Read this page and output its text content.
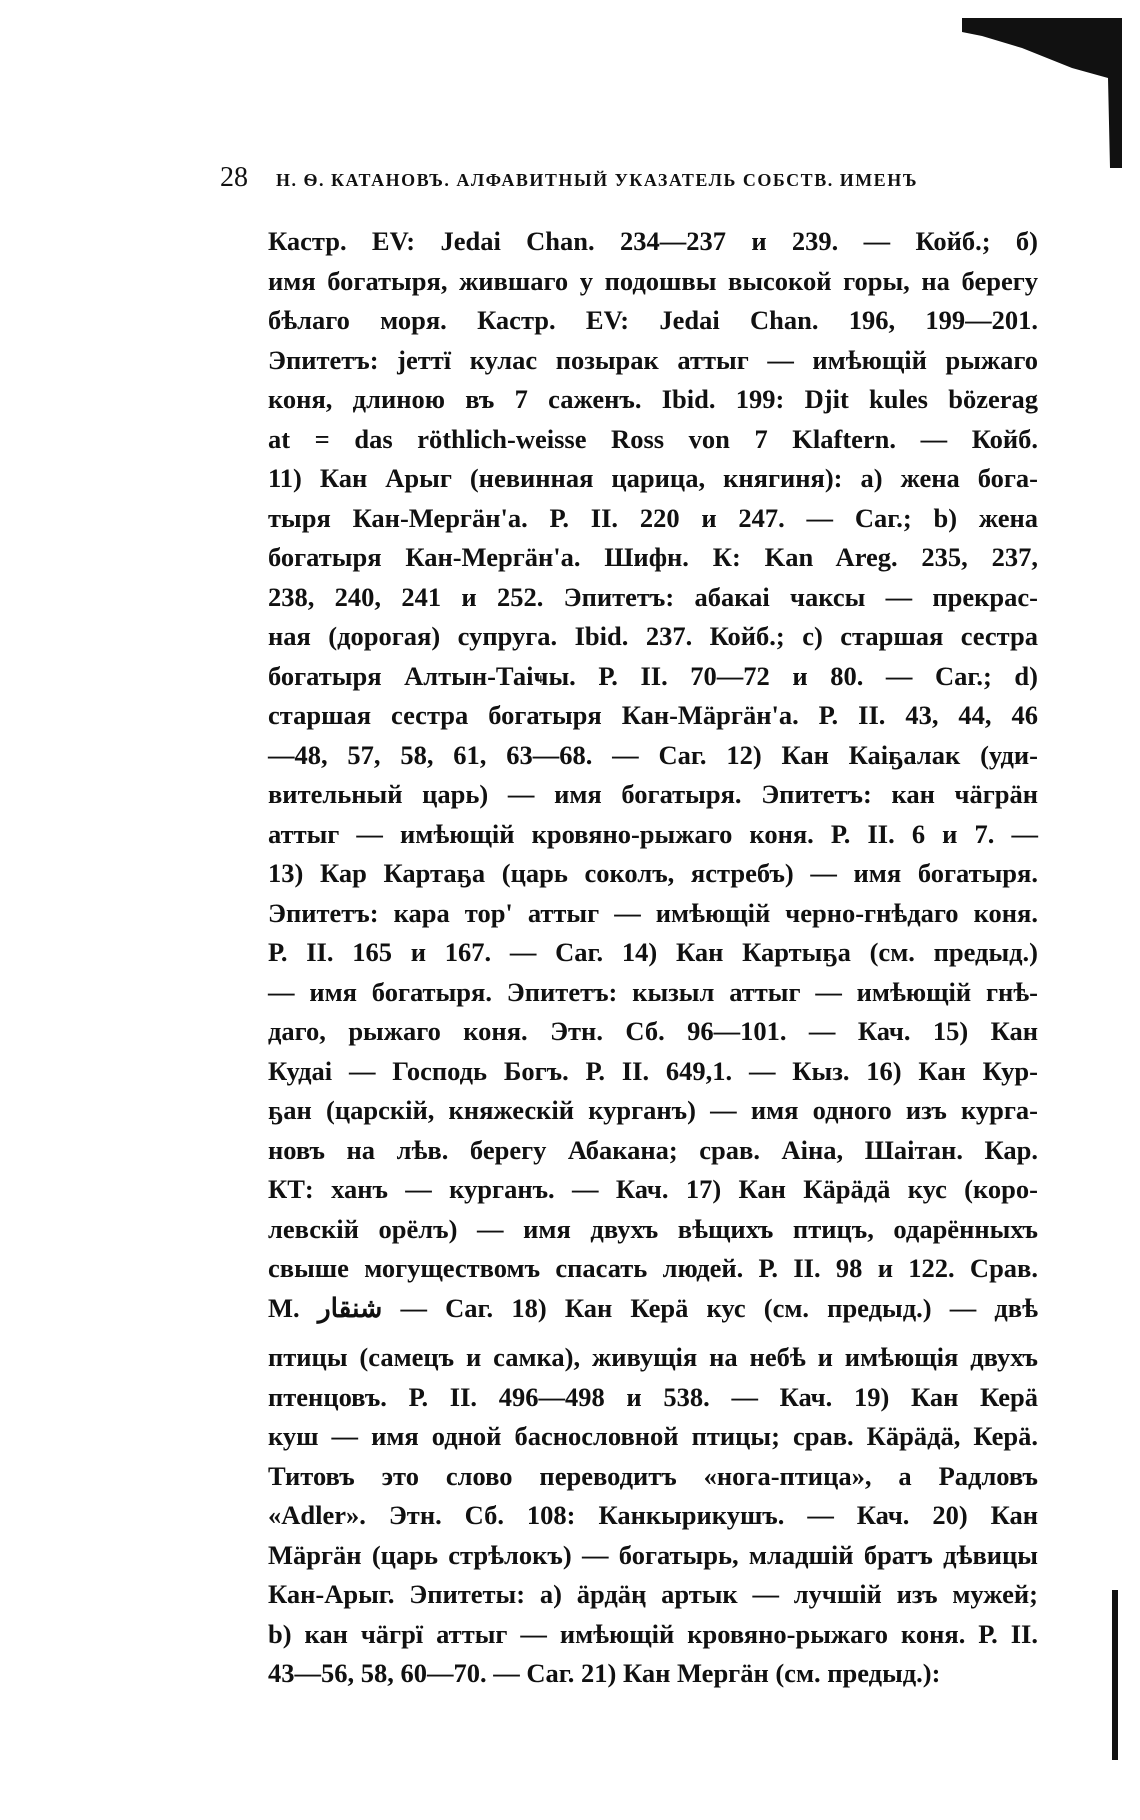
28 Н. Ѳ. КАТАНОВЪ. АЛФАВИТНЫЙ УКАЗАТЕЛЬ СОБСТВ. ИМЕНЪ
Кастр. EV: Jedai Chan. 234—237 и 239. — Койб.; б)
имя богатыря, жившаго у подошвы высокой горы, на берегу
бѣлаго моря. Кастр. EV: Jedai Chan. 196, 199—201.
Эпитетъ: јеттї кулас позырак аттыг — имѣющій рыжаго
коня, длиною въ 7 саженъ. Ibid. 199: Djit kules bözerag
at = das röthlich-weisse Ross von 7 Klaftern. — Койб.
11) Кан Арыг (невинная царица, княгиня): а) жена бога-
тыря Кан-Мергӓн'а. Р. II. 220 и 247. — Саг.; b) жена
богатыря Кан-Мергӓн'а. Шифн. К: Kan Areg. 235, 237,
238, 240, 241 и 252. Эпитетъ: абакаі чаксы — прекрас-
ная (дорогая) супруга. Ibid. 237. Койб.; с) старшая сестра
богатыря Алтын-Таіҹы. Р. II. 70—72 и 80. — Саг.; d)
старшая сестра богатыря Кан-Мӓргӓн'а. Р. II. 43, 44, 46
—48, 57, 58, 61, 63—68. — Саг. 12) Кан Каіҕалак (уди-
вительный царь) — имя богатыря. Эпитетъ: кан чӓгрӓн
аттыг — имѣющій кровяно-рыжаго коня. Р. II. 6 и 7. —
13) Кар Картаҕа (царь соколъ, ястребъ) — имя богатыря.
Эпитетъ: кара тор' аттыг — имѣющій черно-гнѣдаго коня.
Р. II. 165 и 167. — Саг. 14) Кан Картыҕа (см. предыд.)
— имя богатыря. Эпитетъ: кызыл аттыг — имѣющій гнѣ-
даго, рыжаго коня. Этн. Сб. 96—101. — Кач. 15) Кан
Кудаі — Господь Богъ. Р. II. 649,1. — Кыз. 16) Кан Кур-
ҕан (царскій, княжескій курганъ) — имя одного изъ курга-
новъ на лѣв. берегу Абакана; срав. Аіна, Шаітан. Кар.
КТ: ханъ — курганъ. — Кач. 17) Кан Кӓрӓдӓ кус (коро-
левскій орёлъ) — имя двухъ вѣщихъ птицъ, одарённыхъ
свыше могуществомъ спасать людей. Р. II. 98 и 122. Срав.
М. ﺷﻨﻘﺎﺭ — Саг. 18) Кан Керӓ кус (см. предыд.) — двѣ
птицы (самецъ и самка), живущія на небѣ и имѣющія двухъ
птенцовъ. Р. II. 496—498 и 538. — Кач. 19) Кан Керӓ
куш — имя одной баснословной птицы; срав. Кӓрӓдӓ, Керӓ.
Титовъ это слово переводитъ «нога-птица», а Радловъ
«Adler». Этн. Сб. 108: Канкырикушъ. — Кач. 20) Кан
Мӓргӓн (царь стрѣлокъ) — богатырь, младшій братъ дѣвицы
Кан-Арыг. Эпитеты: а) ӓрдӓң артык — лучшій изъ мужей;
b) кан чӓгрї аттыг — имѣющій кровяно-рыжаго коня. Р. II.
43—56, 58, 60—70. — Саг. 21) Кан Мергӓн (см. предыд.):
